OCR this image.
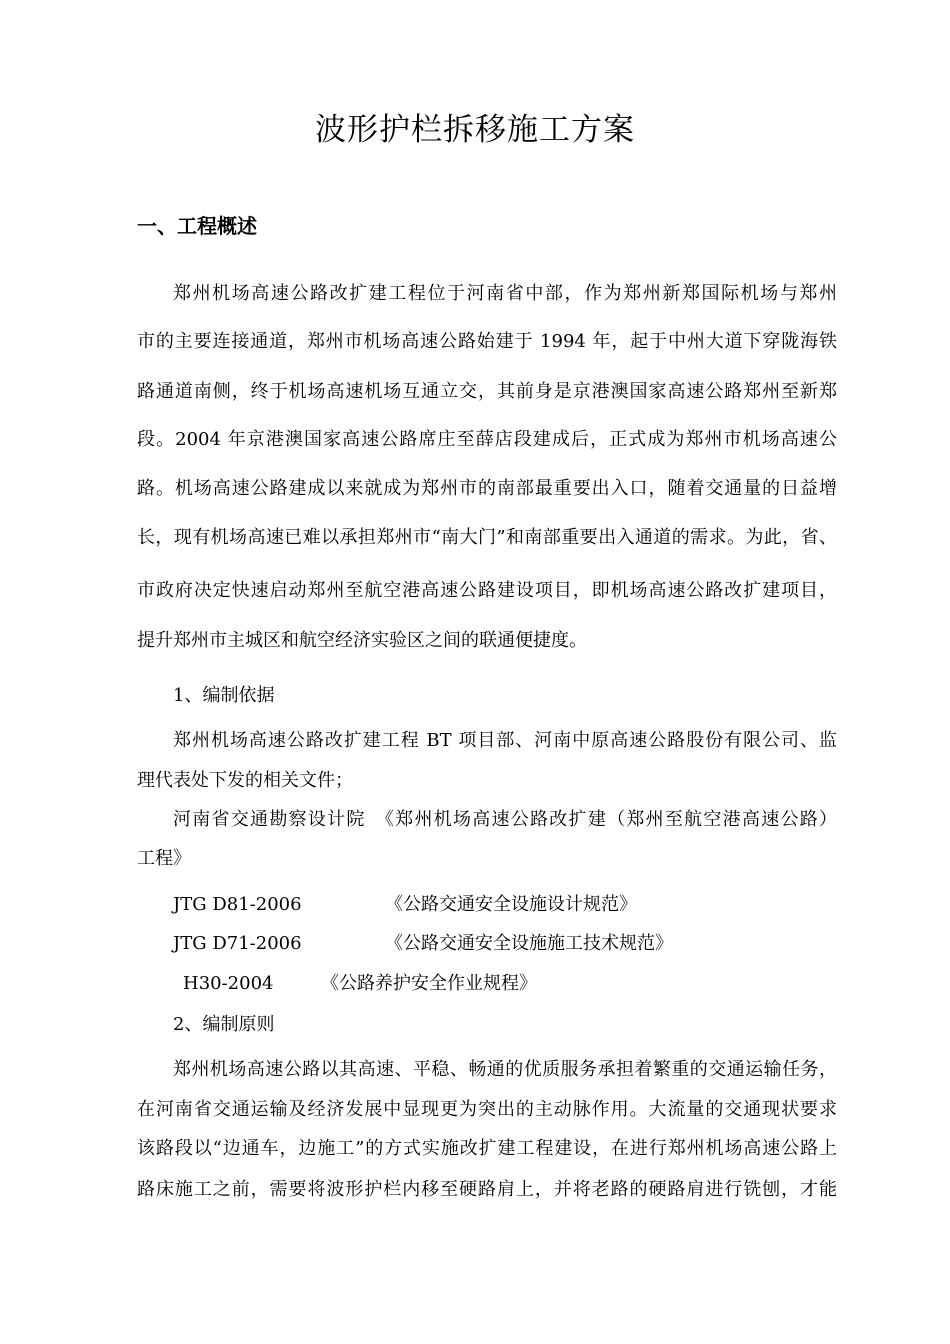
波形护栏拆移施工方案
一、工程概述
郑州机场高速公路改扩建工程位于河南省中部，作为郑州新郑国际机场与郑州
市的主要连接通道，郑州市机场高速公路始建于 1994 年，起于中州大道下穿陇海铁
路通道南侧，终于机场高速机场互通立交，其前身是京港澳国家高速公路郑州至新郑
段。2004 年京港澳国家高速公路席庄至薛店段建成后，正式成为郑州市机场高速公
路。机场高速公路建成以来就成为郑州市的南部最重要出入口，随着交通量的日益增
长，现有机场高速已难以承担郑州市“南大门”和南部重要出入通道的需求。为此，省、
市政府决定快速启动郑州至航空港高速公路建设项目，即机场高速公路改扩建项目，
提升郑州市主城区和航空经济实验区之间的联通便捷度。
1、编制依据
郑州机场高速公路改扩建工程 BT 项目部、河南中原高速公路股份有限公司、监
理代表处下发的相关文件；
河南省交通勘察设计院　《郑州机场高速公路改扩建（郑州至航空港高速公路）
工程》
JTG D81-2006	《公路交通安全设施设计规范》
JTG D71-2006	《公路交通安全设施施工技术规范》
H30-2004	《公路养护安全作业规程》
2、编制原则
郑州机场高速公路以其高速、平稳、畅通的优质服务承担着繁重的交通运输任务，
在河南省交通运输及经济发展中显现更为突出的主动脉作用。大流量的交通现状要求
该路段以“边通车，边施工”的方式实施改扩建工程建设，在进行郑州机场高速公路上
路床施工之前，需要将波形护栏内移至硬路肩上，并将老路的硬路肩进行铣刨，才能
